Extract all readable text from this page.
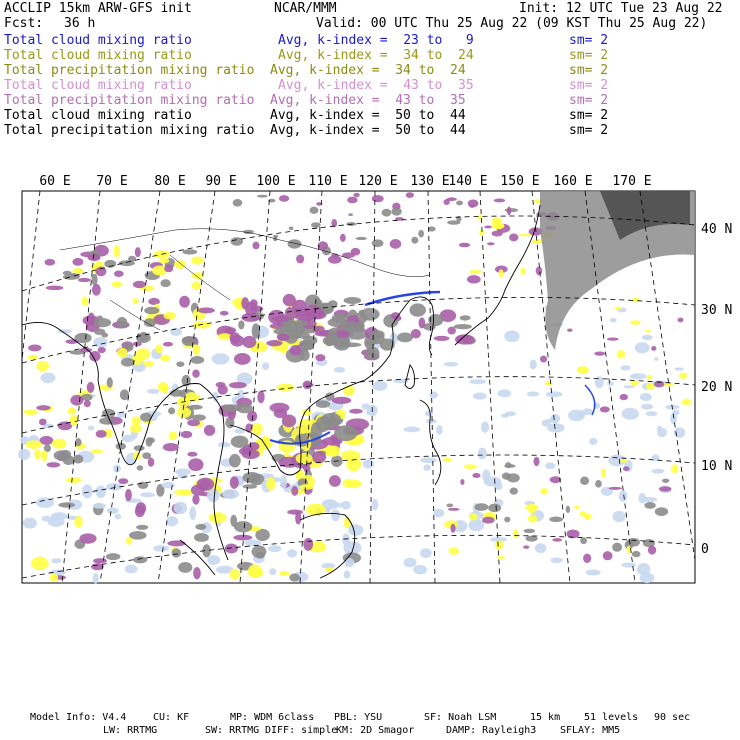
ACCLIP 15km ARW-GFS init	NCAR/MMM	Init: 12 UTC Tue 23 Aug 22
Fcst: 36 h	Valid: 00 UTC Thu 25 Aug 22 (09 KST Thu 25 Aug 22)
Total cloud mixing ratio	Avg, k-index =  23 to   9	sm= 2
Total cloud mixing ratio	Avg, k-index =  34 to  24	sm= 2
Total precipitation mixing ratio Avg, k-index =  34 to  24	sm= 2
Total cloud mixing ratio	Avg, k-index =  43 to  35	sm= 2
Total precipitation mixing ratio Avg, k-index =  43 to  35	sm= 2
Total cloud mixing ratio	Avg, k-index =  50 to  44	sm= 2
Total precipitation mixing ratio Avg, k-index =  50 to  44	sm= 2
60 E 70 E 80 E 90 E 100 E 110 E 120 E 130 E
140 E 150 E 160 E 170 E
40 N
30 N
20 N
10 N
0
Model Info: V4.4	CU: KF	MP: WDM 6class PBL: YSU	SF: Noah LSM	15 km 51 levels 90 sec
LW: RRTMG	SW: RRTMG DIFF: simple
KM: 2D Smagor	DAMP: Rayleigh3 SFLAY: MM5
